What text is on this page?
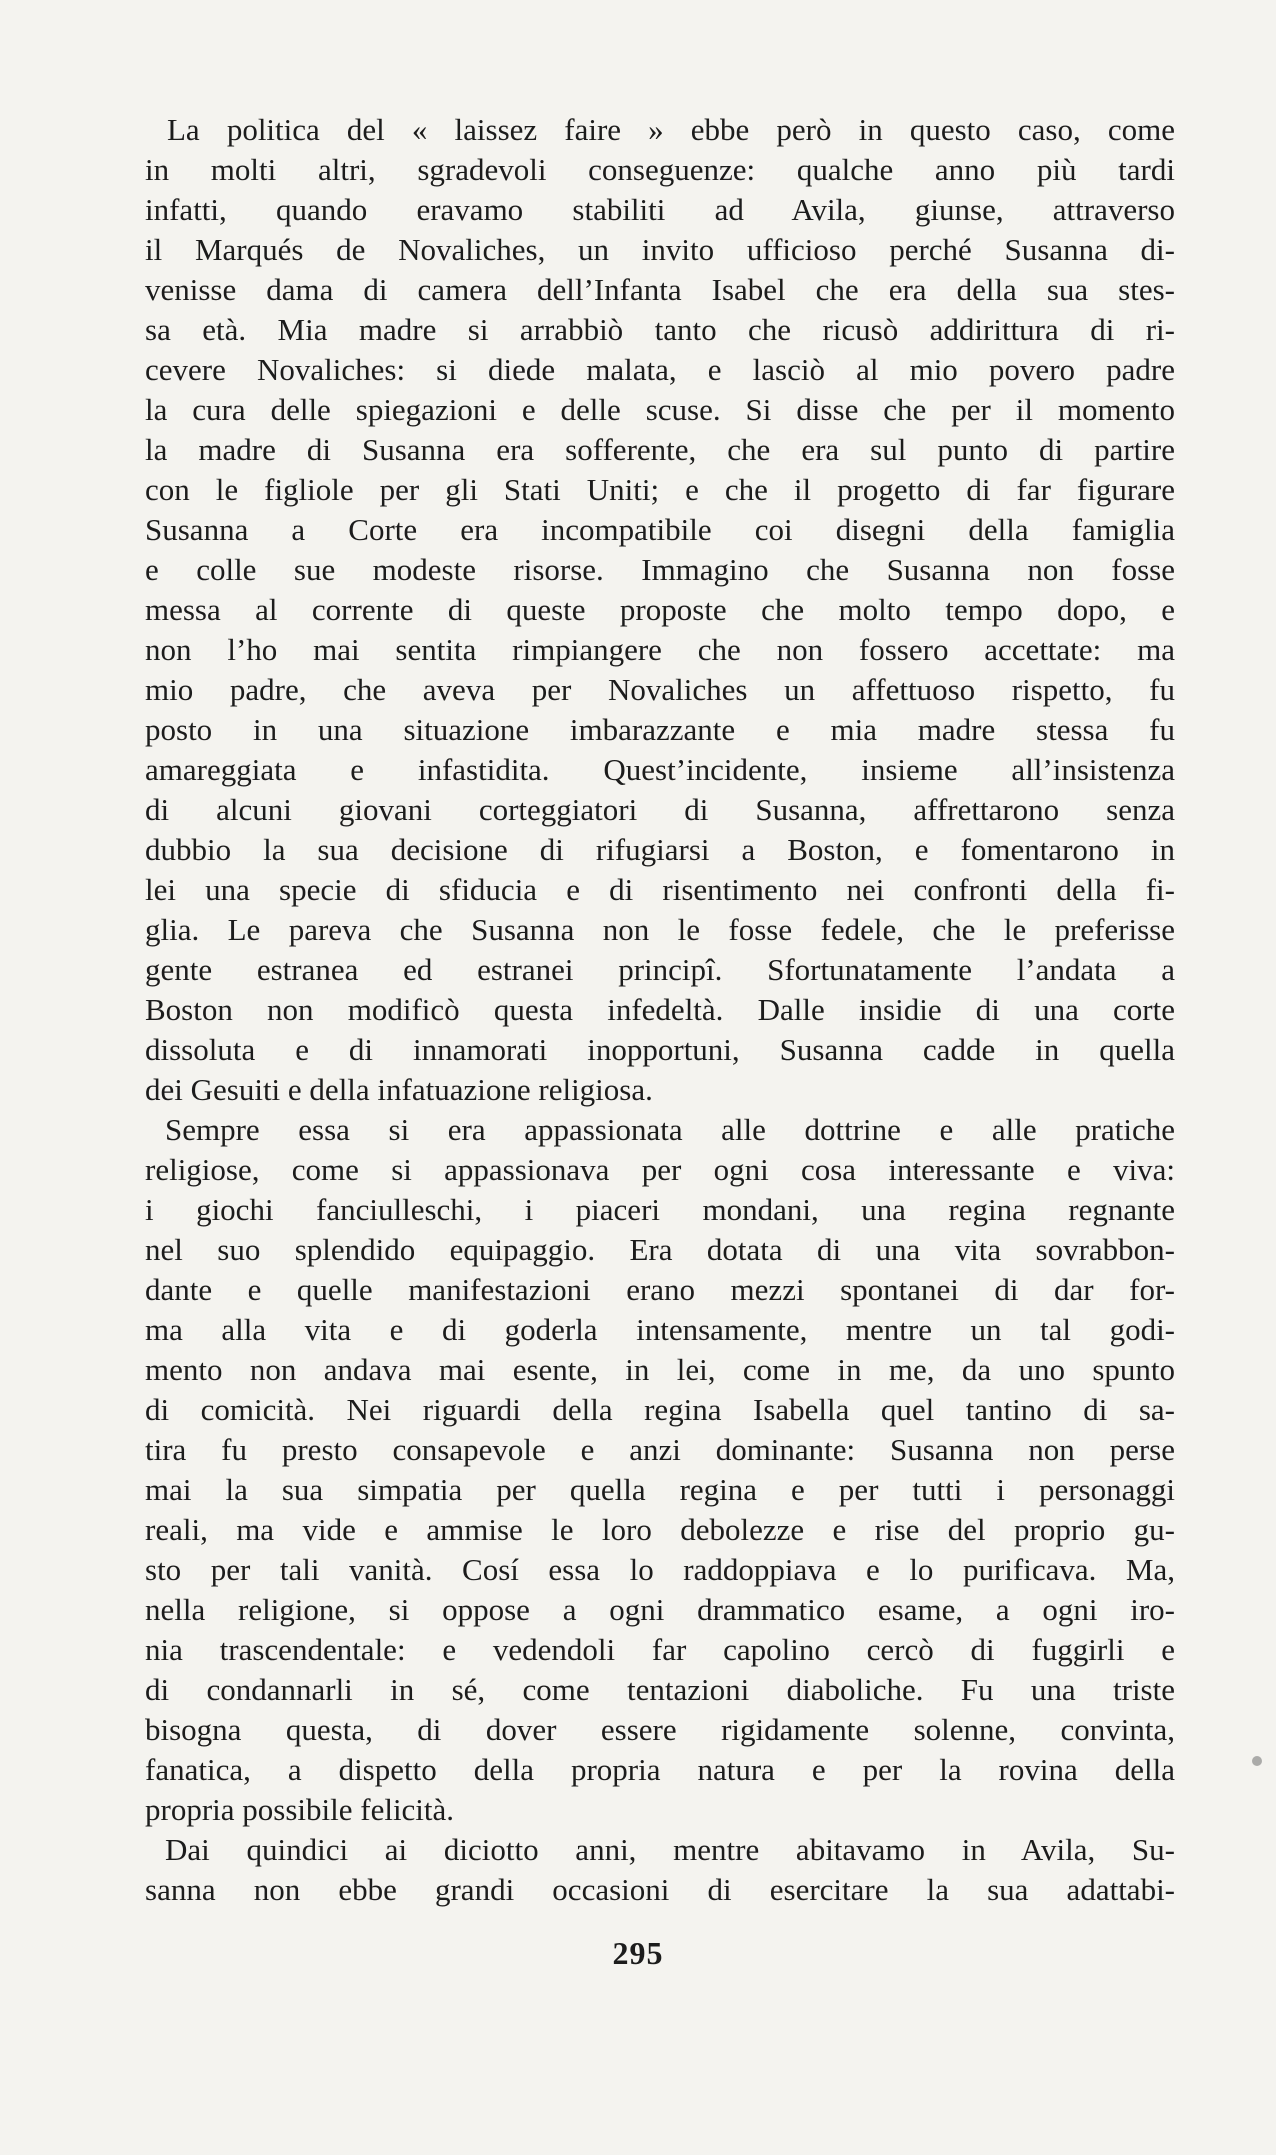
La politica del « laissez faire » ebbe però in questo caso, come
in molti altri, sgradevoli conseguenze: qualche anno più tardi
infatti, quando eravamo stabiliti ad Avila, giunse, attraverso
il Marqués de Novaliches, un invito ufficioso perché Susanna di-
venisse dama di camera dell’Infanta Isabel che era della sua stes-
sa età. Mia madre si arrabbiò tanto che ricusò addirittura di ri-
cevere Novaliches: si diede malata, e lasciò al mio povero padre
la cura delle spiegazioni e delle scuse. Si disse che per il momento
la madre di Susanna era sofferente, che era sul punto di partire
con le figliole per gli Stati Uniti; e che il progetto di far figurare
Susanna a Corte era incompatibile coi disegni della famiglia
e colle sue modeste risorse. Immagino che Susanna non fosse
messa al corrente di queste proposte che molto tempo dopo, e
non l’ho mai sentita rimpiangere che non fossero accettate: ma
mio padre, che aveva per Novaliches un affettuoso rispetto, fu
posto in una situazione imbarazzante e mia madre stessa fu
amareggiata e infastidita. Quest’incidente, insieme all’insistenza
di alcuni giovani corteggiatori di Susanna, affrettarono senza
dubbio la sua decisione di rifugiarsi a Boston, e fomentarono in
lei una specie di sfiducia e di risentimento nei confronti della fi-
glia. Le pareva che Susanna non le fosse fedele, che le preferisse
gente estranea ed estranei principî. Sfortunatamente l’andata a
Boston non modificò questa infedeltà. Dalle insidie di una corte
dissoluta e di innamorati inopportuni, Susanna cadde in quella
dei Gesuiti e della infatuazione religiosa.
Sempre essa si era appassionata alle dottrine e alle pratiche
religiose, come si appassionava per ogni cosa interessante e viva:
i giochi fanciulleschi, i piaceri mondani, una regina regnante
nel suo splendido equipaggio. Era dotata di una vita sovrabbon-
dante e quelle manifestazioni erano mezzi spontanei di dar for-
ma alla vita e di goderla intensamente, mentre un tal godi-
mento non andava mai esente, in lei, come in me, da uno spunto
di comicità. Nei riguardi della regina Isabella quel tantino di sa-
tira fu presto consapevole e anzi dominante: Susanna non perse
mai la sua simpatia per quella regina e per tutti i personaggi
reali, ma vide e ammise le loro debolezze e rise del proprio gu-
sto per tali vanità. Cosí essa lo raddoppiava e lo purificava. Ma,
nella religione, si oppose a ogni drammatico esame, a ogni iro-
nia trascendentale: e vedendoli far capolino cercò di fuggirli e
di condannarli in sé, come tentazioni diaboliche. Fu una triste
bisogna questa, di dover essere rigidamente solenne, convinta,
fanatica, a dispetto della propria natura e per la rovina della
propria possibile felicità.
Dai quindici ai diciotto anni, mentre abitavamo in Avila, Su-
sanna non ebbe grandi occasioni di esercitare la sua adattabi-
295
